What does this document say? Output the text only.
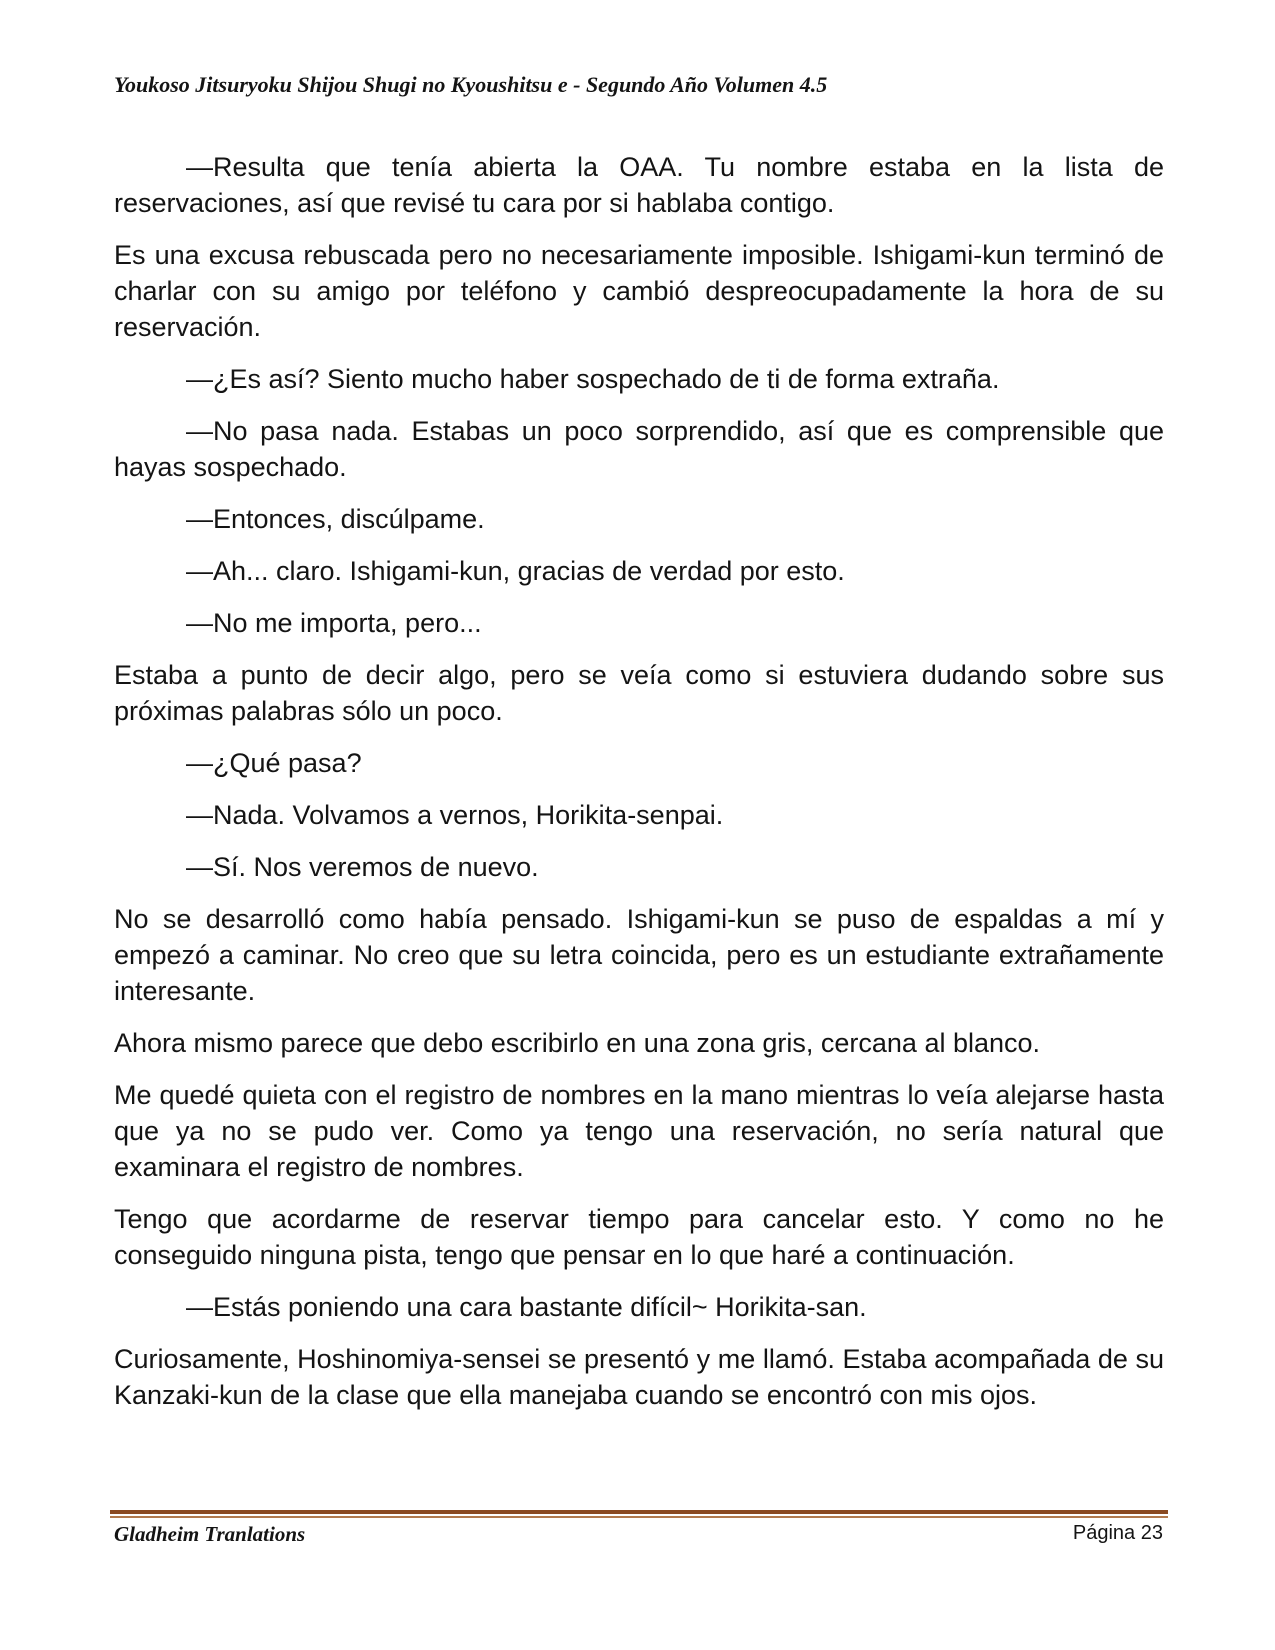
Youkoso Jitsuryoku Shijou Shugi no Kyoushitsu e - Segundo Año Volumen 4.5

—Resulta que tenía abierta la OAA. Tu nombre estaba en la lista de reservaciones, así que revisé tu cara por si hablaba contigo.

Es una excusa rebuscada pero no necesariamente imposible. Ishigami-kun terminó de charlar con su amigo por teléfono y cambió despreocupadamente la hora de su reservación.

—¿Es así? Siento mucho haber sospechado de ti de forma extraña.

—No pasa nada. Estabas un poco sorprendido, así que es comprensible que hayas sospechado.

—Entonces, discúlpame.

—Ah... claro. Ishigami-kun, gracias de verdad por esto.

—No me importa, pero...

Estaba a punto de decir algo, pero se veía como si estuviera dudando sobre sus próximas palabras sólo un poco.

—¿Qué pasa?

—Nada. Volvamos a vernos, Horikita-senpai.

—Sí. Nos veremos de nuevo.

No se desarrolló como había pensado. Ishigami-kun se puso de espaldas a mí y empezó a caminar. No creo que su letra coincida, pero es un estudiante extrañamente interesante.

Ahora mismo parece que debo escribirlo en una zona gris, cercana al blanco.

Me quedé quieta con el registro de nombres en la mano mientras lo veía alejarse hasta que ya no se pudo ver. Como ya tengo una reservación, no sería natural que examinara el registro de nombres.

Tengo que acordarme de reservar tiempo para cancelar esto. Y como no he conseguido ninguna pista, tengo que pensar en lo que haré a continuación.

—Estás poniendo una cara bastante difícil~ Horikita-san.

Curiosamente, Hoshinomiya-sensei se presentó y me llamó. Estaba acompañada de su Kanzaki-kun de la clase que ella manejaba cuando se encontró con mis ojos.

Gladheim Tranlations	Página 23
